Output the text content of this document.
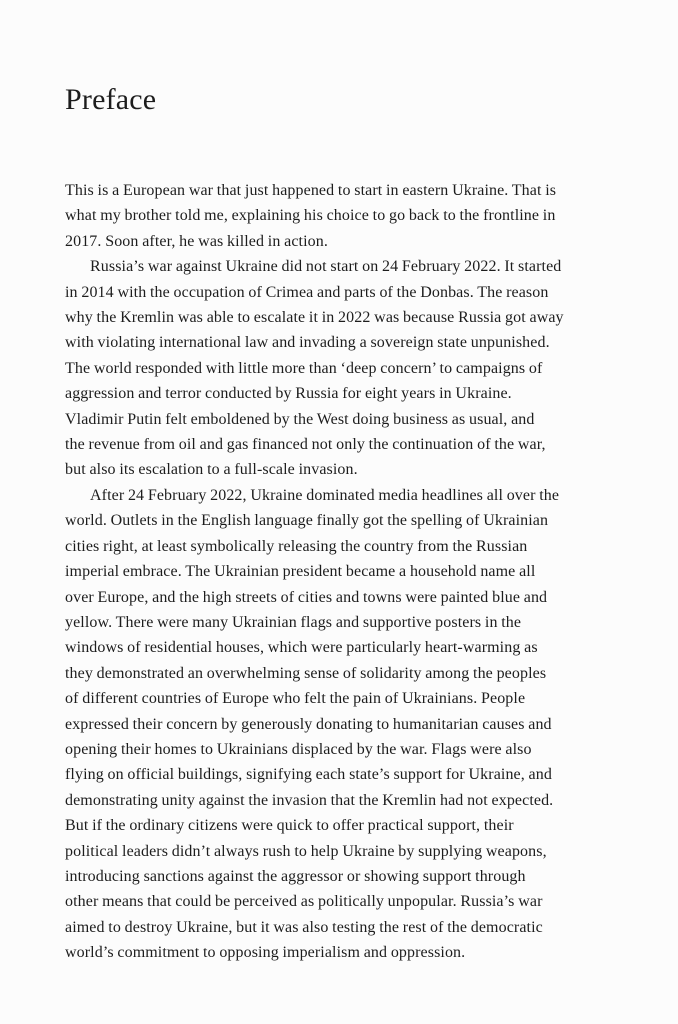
Preface
This is a European war that just happened to start in eastern Ukraine. That is
what my brother told me, explaining his choice to go back to the frontline in
2017. Soon after, he was killed in action.
Russia’s war against Ukraine did not start on 24 February 2022. It started
in 2014 with the occupation of Crimea and parts of the Donbas. The reason
why the Kremlin was able to escalate it in 2022 was because Russia got away
with violating international law and invading a sovereign state unpunished.
The world responded with little more than ‘deep concern’ to campaigns of
aggression and terror conducted by Russia for eight years in Ukraine.
Vladimir Putin felt emboldened by the West doing business as usual, and
the revenue from oil and gas financed not only the continuation of the war,
but also its escalation to a full-scale invasion.
After 24 February 2022, Ukraine dominated media headlines all over the
world. Outlets in the English language finally got the spelling of Ukrainian
cities right, at least symbolically releasing the country from the Russian
imperial embrace. The Ukrainian president became a household name all
over Europe, and the high streets of cities and towns were painted blue and
yellow. There were many Ukrainian flags and supportive posters in the
windows of residential houses, which were particularly heart-warming as
they demonstrated an overwhelming sense of solidarity among the peoples
of different countries of Europe who felt the pain of Ukrainians. People
expressed their concern by generously donating to humanitarian causes and
opening their homes to Ukrainians displaced by the war. Flags were also
flying on official buildings, signifying each state’s support for Ukraine, and
demonstrating unity against the invasion that the Kremlin had not expected.
But if the ordinary citizens were quick to offer practical support, their
political leaders didn’t always rush to help Ukraine by supplying weapons,
introducing sanctions against the aggressor or showing support through
other means that could be perceived as politically unpopular. Russia’s war
aimed to destroy Ukraine, but it was also testing the rest of the democratic
world’s commitment to opposing imperialism and oppression.
